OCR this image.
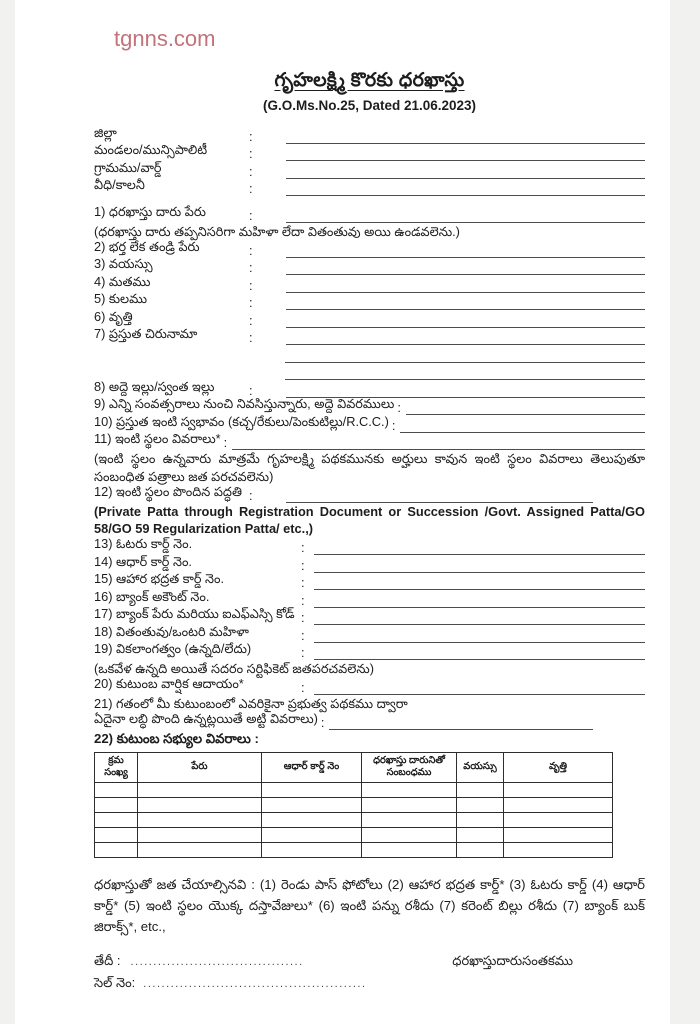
tgnns.com
గృహలక్ష్మి కొరకు ధరఖాస్తు
(G.O.Ms.No.25, Dated 21.06.2023)
జిల్లా	:
మండలం/మున్సిపాలిటీ	:
గ్రామము/వార్డ్	:
వీధి/కాలనీ	:
1) ధరఖాస్తు దారు పేరు	:
(ధరఖాస్తు దారు తప్పనిసరిగా మహిళా లేదా వితంతువు అయి ఉండవలెను.)
2) భర్త లేక తండ్రి పేరు	:
3) వయస్సు	:
4) మతము	:
5) కులము	:
6) వృత్తి	:
7) ప్రస్తుత చిరునామా	:
8) అద్దె ఇల్లు/స్వంత ఇల్లు	:
9) ఎన్ని సంవత్సరాలు నుంచి నివసిస్తున్నారు, అద్దె వివరములు :
10) ప్రస్తుత ఇంటి స్వభావం (కచ్చ/రేకులు/పెంకుటిల్లు/R.C.C.) :
11) ఇంటి స్థలం వివరాలు* :
(ఇంటి స్థలం ఉన్నవారు మాత్రమే గృహలక్ష్మి పథకమునకు అర్హులు కావున ఇంటి స్థలం వివరాలు తెలుపుతూ సంబంధిత పత్రాలు జత పరచవలెను)
12) ఇంటి స్థలం పొందిన పద్ధతి :
(Private Patta through Registration Document or Succession /Govt. Assigned Patta/GO 58/GO 59 Regularization Patta/ etc.,)
13) ఓటరు కార్డ్ నెం.	:
14) ఆధార్ కార్డ్ నెం.	:
15) ఆహార భద్రత కార్డ్ నెం.	:
16) బ్యాంక్ అకౌంట్ నెం.	:
17) బ్యాంక్ పేరు మరియు ఐఎఫ్ఎస్సి కోడ్ :
18) వితంతువు/ఒంటరి మహిళా	:
19) వికలాంగత్వం (ఉన్నది/లేదు)	:
(ఒకవేళ ఉన్నది అయితే సదరం సర్టిఫికెట్ జతపరచవలెను)
20) కుటుంబ వార్షిక ఆదాయం*	:
21) గతంలో మీ కుటుంబంలో ఎవరికైనా ప్రభుత్వ పథకము ద్వారా
ఏదైనా లబ్ధి పొంది ఉన్నట్లయితే అట్టి వివరాలు) :
22) కుటుంబ సభ్యుల వివరాలు :
క్రమ సంఖ్య	పేరు	ఆధార్ కార్డ్ నెం	ధరఖాస్తు దారునితో సంబంధము	వయస్సు	వృత్తి

ధరఖాస్తుతో జత చేయాల్సినవి : (1) రెండు పాస్ ఫోటోలు (2) ఆహార భద్రత కార్డ్* (3) ఓటరు కార్డ్ (4) ఆధార్ కార్డ్* (5) ఇంటి స్థలం యొక్క దస్తావేజులు* (6) ఇంటి పన్ను రశీదు (7) కరెంట్ బిల్లు రశీదు (7) బ్యాంక్ బుక్ జిరాక్స్*, etc.,
తేదీ : ......................................	ధరఖాస్తుదారుసంతకము
సెల్ నెం: .................................................
